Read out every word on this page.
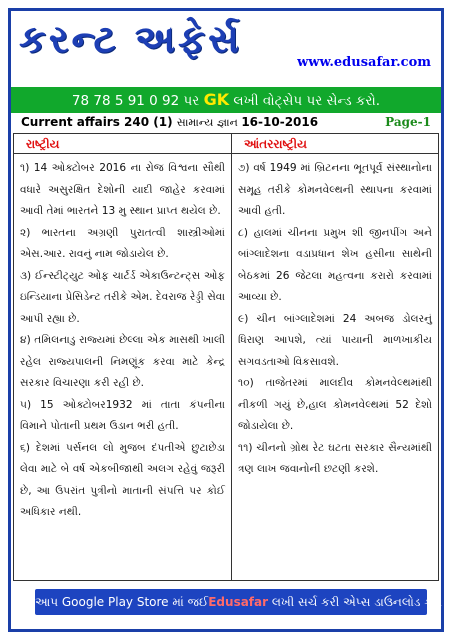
કરન્ટ અફેર્સ
www.edusafar.com
78 78 5 91 0 92 પર GK લખી વોટ્સેપ પર સેન્ડ કરો.
Current affairs 240 (1) સામાન્ય જ્ઞાન 16-10-2016	Page-1
રાષ્ટ્રીય

૧) 14 ઓક્ટોબર 2016 ના રોજ વિશ્વના સૌથી વધારે અસુરક્ષિત દેશોની યાદી જાહેર કરવામાં આવી તેમાં ભારતને 13 મુ સ્થાન પ્રાપ્ત થયેલ છે.

૨) ભારતના અગ્રણી પુરાતત્વી શાસ્ત્રીઓમાં એસ.આર. રાવનું નામ જોડાયેલ છે.

૩) ઈન્સ્ટીટ્યુટ ઓફ ચાર્ટર્ડ એકાઉન્ટન્ટ્સ ઓફ ઇન્ડિયાના પ્રેસિડેન્ટ તરીકે એમ. દેવરાજ રેડ્ડી સેવા આપી રહ્યા છે.

૪) તમિલનાડુ રાજ્યમાં છેલ્લા એક માસથી ખાલી રહેલ રાજ્યપાલની નિમણૂંક કરવા માટે કેન્દ્ર સરકાર વિચારણા કરી રહી છે.

૫) 15 ઓક્ટોબર1932 માં તાતા કંપનીના વિમાને પોતાની પ્રથમ ઉડાન ભરી હતી.

૬) દેશમાં પર્સનલ લો મુજબ દંપતીએ છુટાછેડા લેવા માટે બે વર્ષ એકબીજાથી અલગ રહેવું જરૂરી છે, આ ઉપરાંત પુત્રીનો માતાની સંપત્તિ પર કોઈ અધિકાર નથી.

આંતરરાષ્ટ્રીય

૭) વર્ષ 1949 માં બ્રિટનના ભૂતપૂર્વ સંસ્થાનોના સમૂહ તરીકે કોમનવેલ્થની સ્થાપના કરવામાં આવી હતી.

૮) હાલમાં ચીનના પ્રમુખ શી જીનપીંગ અને બાંગ્લાદેશના વડાપ્રધાન શેખ હસીના સાથેની બેઠકમાં 26 જેટલા મહત્વના કરારો કરવામાં આવ્યા છે.

૯) ચીન બાંગ્લાદેશમાં 24 અબજ ડોલરનું ધિરાણ આપશે, ત્યાં પાયાની માળખાકીય સગવડતાઓ વિકસાવશે.

૧૦) તાજેતરમાં માલદીવ કોમનવેલ્થમાંથી નીકળી ગયું છે,હાલ કોમનવેલ્થમાં 52 દેશો જોડાયેલા છે.

૧૧) ચીનનો ગ્રોથ રેટ ઘટતા સરકાર સૈન્યમાંથી ત્રણ લાખ જવાનોની છટણી કરશે.

આપ Google Play Store માં જઈEdusafar લખી સર્ચ કરી એપ્સ ડાઉનલોડ કરો
